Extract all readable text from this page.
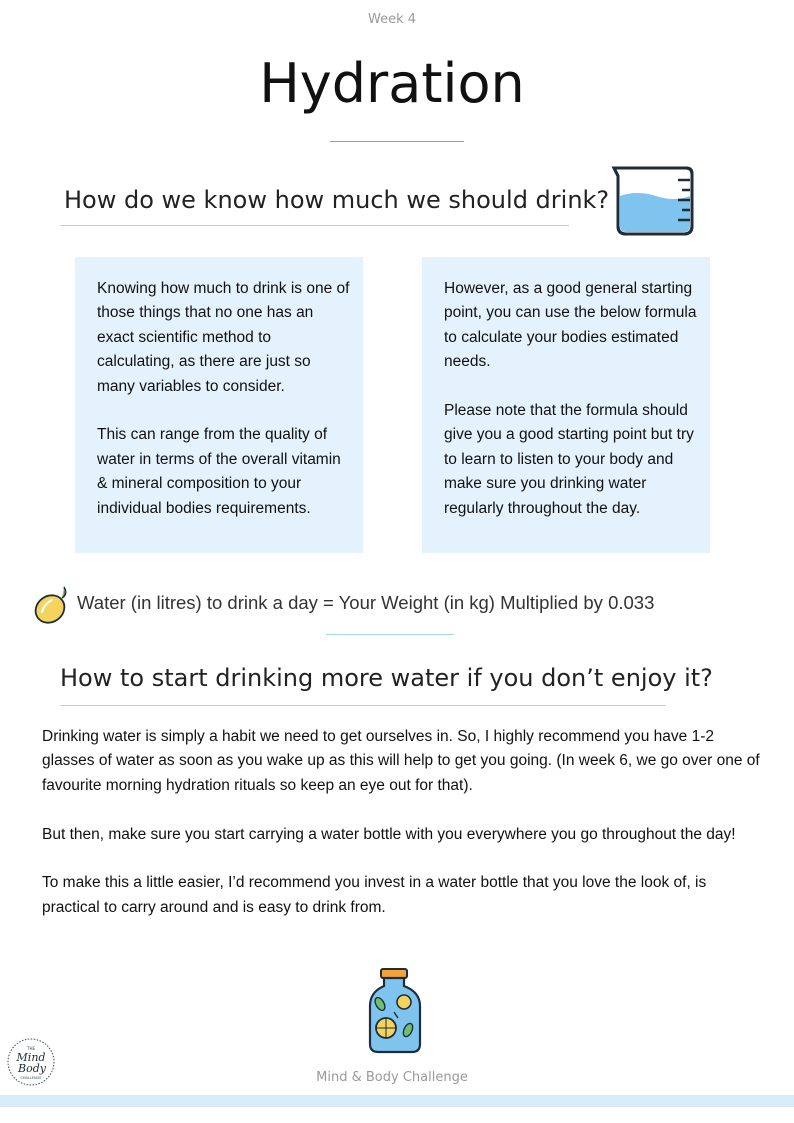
Week 4
Hydration
How do we know how much we should drink?

Knowing how much to drink is one of those things that no one has an exact scientific method to calculating, as there are just so many variables to consider.

This can range from the quality of water in terms of the overall vitamin & mineral composition to your individual bodies requirements.

However, as a good general starting point, you can use the below formula to calculate your bodies estimated needs.

Please note that the formula should give you a good starting point but try to learn to listen to your body and make sure you drinking water regularly throughout the day.

Water (in litres) to drink a day = Your Weight (in kg) Multiplied by 0.033
How to start drinking more water if you don’t enjoy it?

Drinking water is simply a habit we need to get ourselves in. So, I highly recommend you have 1-2 glasses of water as soon as you wake up as this will help to get you going. (In week 6, we go over one of favourite morning hydration rituals so keep an eye out for that).

But then, make sure you start carrying a water bottle with you everywhere you go throughout the day!

To make this a little easier, I’d recommend you invest in a water bottle that you love the look of, is practical to carry around and is easy to drink from.

THE
Mind
Body
CHALLENGE	Mind & Body Challenge
